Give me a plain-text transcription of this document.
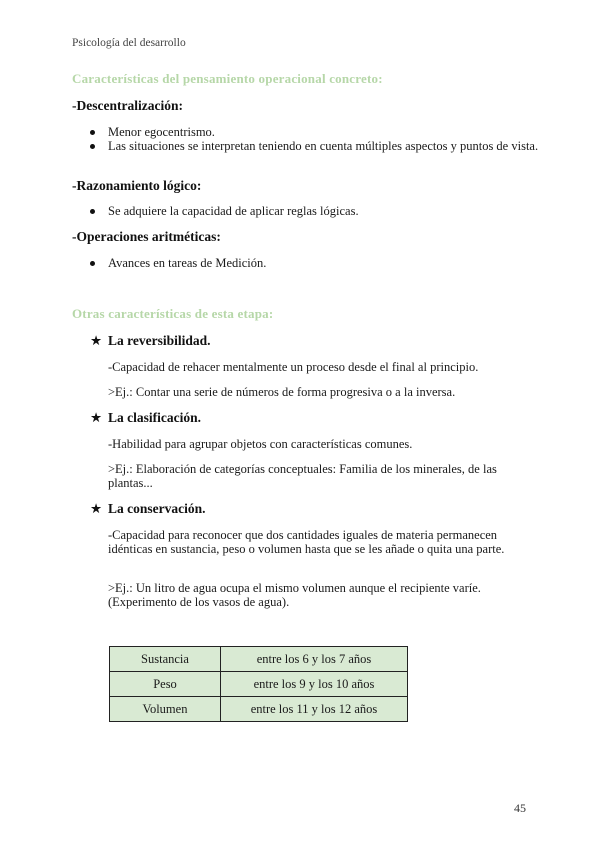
Psicología del desarrollo
Características del pensamiento operacional concreto:
-Descentralización:
Menor egocentrismo.
Las situaciones se interpretan teniendo en cuenta múltiples aspectos y puntos de vista.
-Razonamiento lógico:
Se adquiere la capacidad de aplicar reglas lógicas.
-Operaciones aritméticas:
Avances en tareas de Medición.
Otras características de esta etapa:
★ La reversibilidad.
-Capacidad de rehacer mentalmente un proceso desde el final al principio.
>Ej.: Contar una serie de números de forma progresiva o a la inversa.
★ La clasificación.
-Habilidad para agrupar objetos con características comunes.
>Ej.: Elaboración de categorías conceptuales: Familia de los minerales, de las plantas...
★ La conservación.
-Capacidad para reconocer que dos cantidades iguales de materia permanecen idénticas en sustancia, peso o volumen hasta que se les añade o quita una parte.
>Ej.: Un litro de agua ocupa el mismo volumen aunque el recipiente varíe. (Experimento de los vasos de agua).
Sustancia	entre los 6 y los 7 años
Peso	entre los 9 y los 10 años
Volumen	entre los 11 y los 12 años
45
